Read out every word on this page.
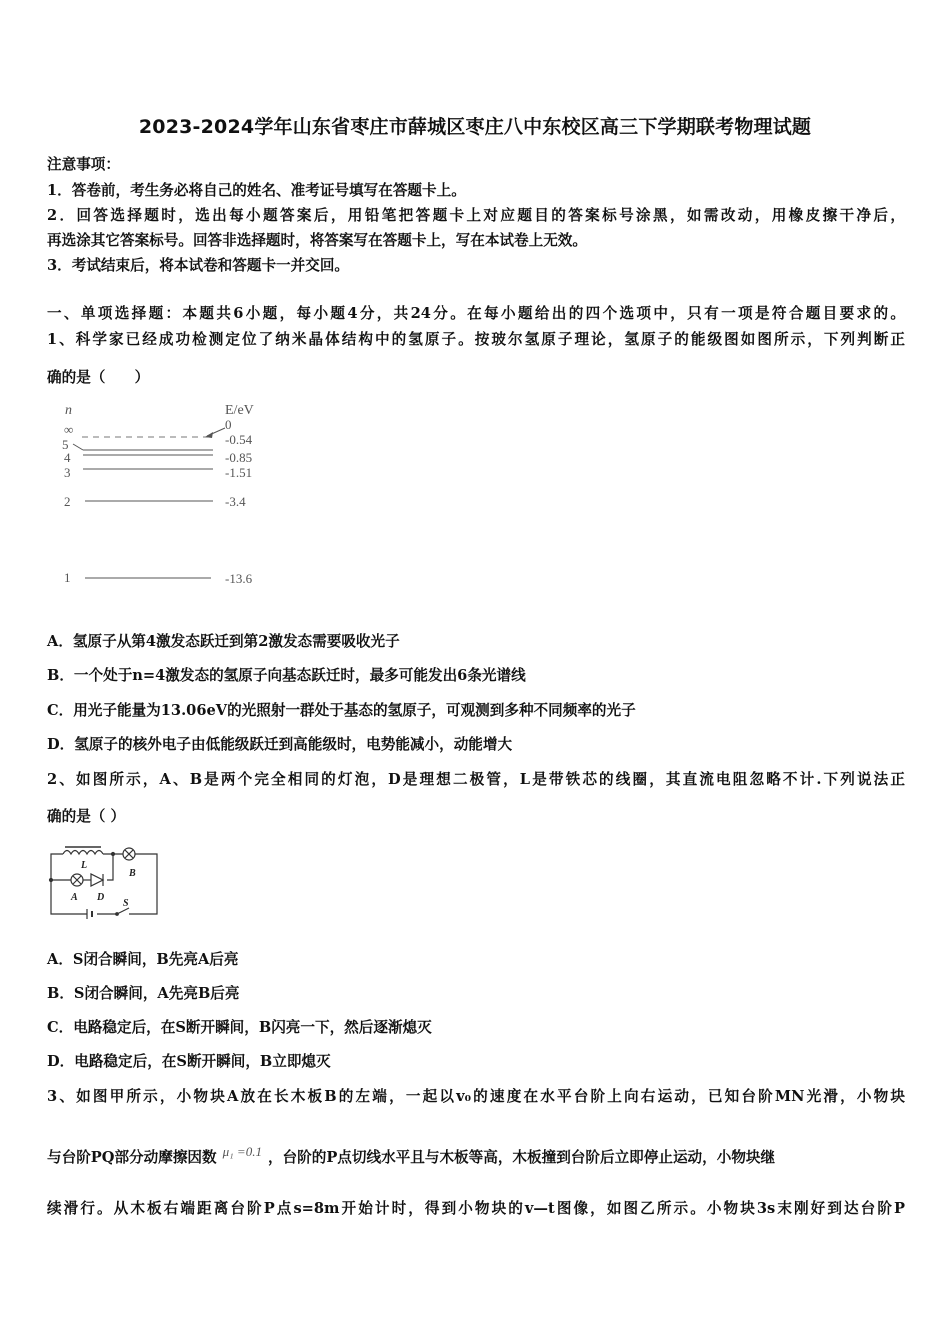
2023-2024学年山东省枣庄市薛城区枣庄八中东校区高三下学期联考物理试题
注意事项：
1．答卷前，考生务必将自己的姓名、准考证号填写在答题卡上。
2．回答选择题时，选出每小题答案后，用铅笔把答题卡上对应题目的答案标号涂黑，如需改动，用橡皮擦干净后，
再选涂其它答案标号。回答非选择题时，将答案写在答题卡上，写在本试卷上无效。
3．考试结束后，将本试卷和答题卡一并交回。
一、单项选择题：本题共6小题，每小题4分，共24分。在每小题给出的四个选项中，只有一项是符合题目要求的。
1、科学家已经成功检测定位了纳米晶体结构中的氢原子。按玻尔氢原子理论，氢原子的能级图如图所示，下列判断正
确的是（　　）
n	E/eV
∞	0
5	-0.54
4	-0.85
3	-1.51
2	-3.4
1	-13.6
A．氢原子从第4激发态跃迁到第2激发态需要吸收光子
B．一个处于n=4激发态的氢原子向基态跃迁时，最多可能发出6条光谱线
C．用光子能量为13.06eV的光照射一群处于基态的氢原子，可观测到多种不同频率的光子
D．氢原子的核外电子由低能级跃迁到高能级时，电势能减小，动能增大
2、如图所示，A、B是两个完全相同的灯泡，D是理想二极管，L是带铁芯的线圈，其直流电阻忽略不计.下列说法正
确的是（ ）
L
A D
B
S
A．S闭合瞬间，B先亮A后亮
B．S闭合瞬间，A先亮B后亮
C．电路稳定后，在S断开瞬间，B闪亮一下，然后逐渐熄灭
D．电路稳定后，在S断开瞬间，B立即熄灭
3、如图甲所示，小物块A放在长木板B的左端，一起以v₀的速度在水平台阶上向右运动，已知台阶MN光滑，小物块
与台阶PQ部分动摩擦因数 μ₁ =0.1 ，台阶的P点切线水平且与木板等高，木板撞到台阶后立即停止运动，小物块继
续滑行。从木板右端距离台阶P点s=8m开始计时，得到小物块的v—t图像，如图乙所示。小物块3s末刚好到达台阶P
